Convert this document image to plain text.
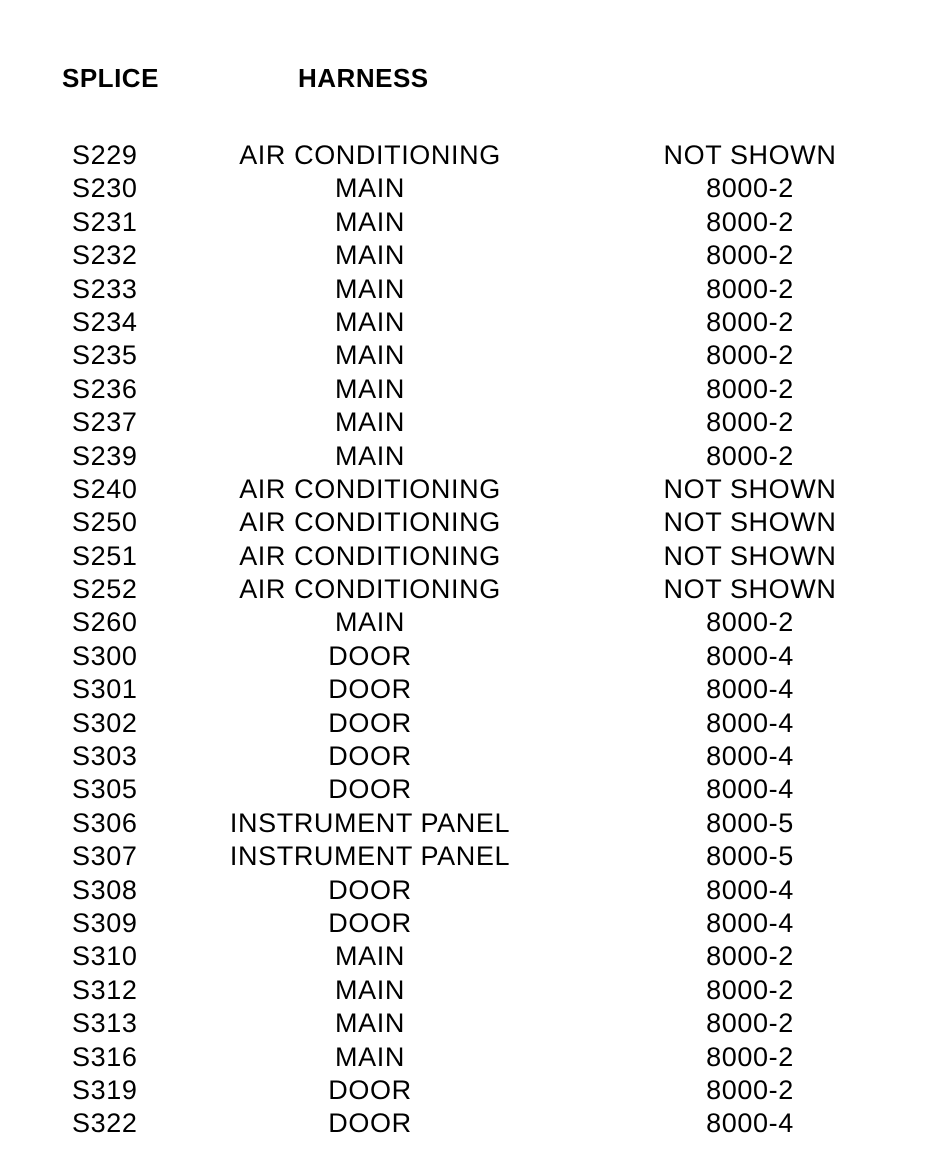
SPLICE	HARNESS
S229	AIR CONDITIONING	NOT SHOWN
S230	MAIN	8000-2
S231	MAIN	8000-2
S232	MAIN	8000-2
S233	MAIN	8000-2
S234	MAIN	8000-2
S235	MAIN	8000-2
S236	MAIN	8000-2
S237	MAIN	8000-2
S239	MAIN	8000-2
S240	AIR CONDITIONING	NOT SHOWN
S250	AIR CONDITIONING	NOT SHOWN
S251	AIR CONDITIONING	NOT SHOWN
S252	AIR CONDITIONING	NOT SHOWN
S260	MAIN	8000-2
S300	DOOR	8000-4
S301	DOOR	8000-4
S302	DOOR	8000-4
S303	DOOR	8000-4
S305	DOOR	8000-4
S306	INSTRUMENT PANEL	8000-5
S307	INSTRUMENT PANEL	8000-5
S308	DOOR	8000-4
S309	DOOR	8000-4
S310	MAIN	8000-2
S312	MAIN	8000-2
S313	MAIN	8000-2
S316	MAIN	8000-2
S319	DOOR	8000-2
S322	DOOR	8000-4
